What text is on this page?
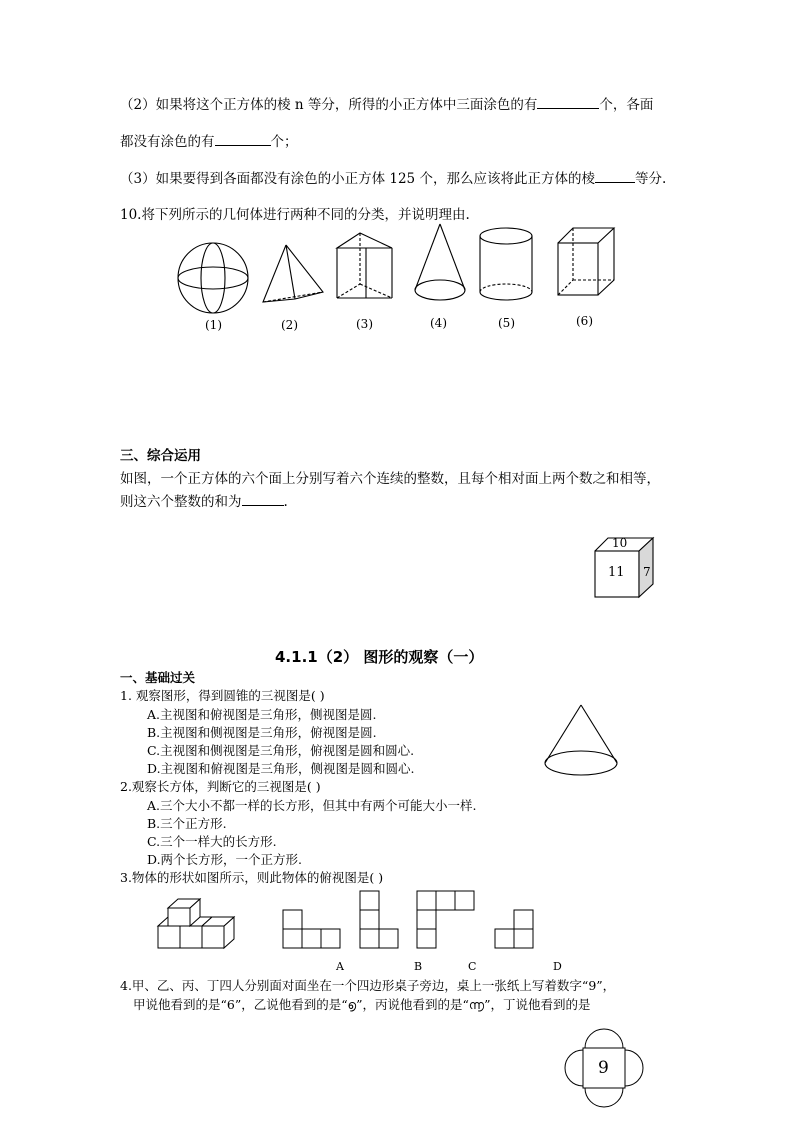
（2）如果将这个正方体的棱 n 等分，所得的小正方体中三面涂色的有	个，各面
都没有涂色的有	个；
（3）如果要得到各面都没有涂色的小正方体 125 个，那么应该将此正方体的棱	等分.
10.将下列所示的几何体进行两种不同的分类，并说明理由.
(1)	(2)	(3)	(4)	(5)	(6)
三、综合运用
如图，一个正方体的六个面上分别写着六个连续的整数，且每个相对面上两个数之和相等，
则这六个整数的和为	.
10
11 7
4.1.1（2） 图形的观察（一）
一、基础过关
1. 观察图形，得到圆锥的三视图是( )
A.主视图和俯视图是三角形，侧视图是圆.
B.主视图和侧视图是三角形，俯视图是圆.
C.主视图和侧视图是三角形，俯视图是圆和圆心.
D.主视图和俯视图是三角形，侧视图是圆和圆心.
2.观察长方体，判断它的三视图是( )
A.三个大小不都一样的长方形，但其中有两个可能大小一样.
B.三个正方形.
C.三个一样大的长方形.
D.两个长方形，一个正方形.
3.物体的形状如图所示，则此物体的俯视图是( )
A	B	C	D
4.甲、乙、丙、丁四人分别面对面坐在一个四边形桌子旁边，桌上一张纸上写着数字“9”，
甲说他看到的是“6”，乙说他看到的是“൭”，丙说他看到的是“൬”，丁说他看到的是
9
